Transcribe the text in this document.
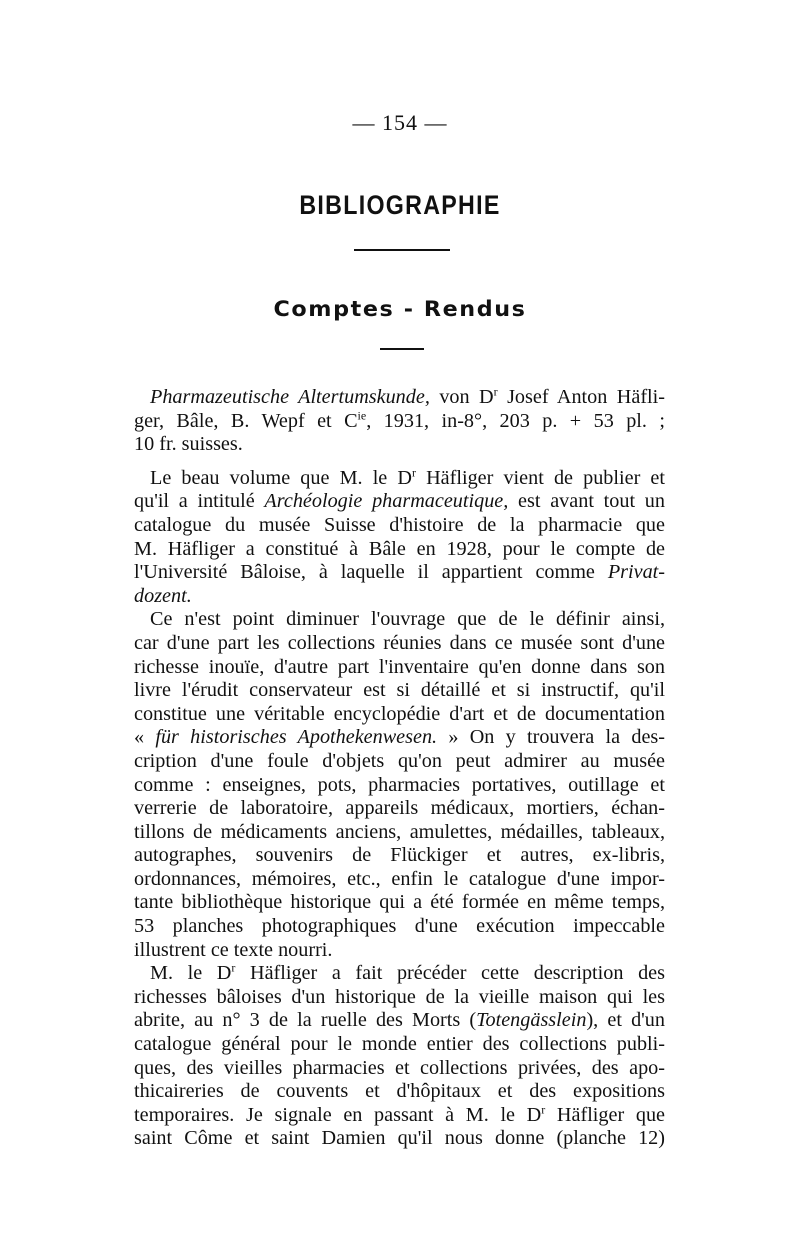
— 154 —
BIBLIOGRAPHIE
Comptes - Rendus
Pharmazeutische Altertumskunde, von $D^r$ Josef Anton Häfli-
ger, Bâle, B. Wepf et $C^{ie}$, 1931, in-8°, 203 p. + 53 pl. ;
10 fr. suisses.
Le beau volume que M. le $D^r$ Häfliger vient de publier et
qu'il a intitulé Archéologie pharmaceutique, est avant tout un
catalogue du musée Suisse d'histoire de la pharmacie que
M. Häfliger a constitué à Bâle en 1928, pour le compte de
l'Université Bâloise, à laquelle il appartient comme Privat-
dozent.
Ce n'est point diminuer l'ouvrage que de le définir ainsi,
car d'une part les collections réunies dans ce musée sont d'une
richesse inouïe, d'autre part l'inventaire qu'en donne dans son
livre l'érudit conservateur est si détaillé et si instructif, qu'il
constitue une véritable encyclopédie d'art et de documentation
« für historisches Apothekenwesen. » On y trouvera la des-
cription d'une foule d'objets qu'on peut admirer au musée
comme : enseignes, pots, pharmacies portatives, outillage et
verrerie de laboratoire, appareils médicaux, mortiers, échan-
tillons de médicaments anciens, amulettes, médailles, tableaux,
autographes, souvenirs de Flückiger et autres, ex-libris,
ordonnances, mémoires, etc., enfin le catalogue d'une impor-
tante bibliothèque historique qui a été formée en même temps,
53 planches photographiques d'une exécution impeccable
illustrent ce texte nourri.
M. le $D^r$ Häfliger a fait précéder cette description des
richesses bâloises d'un historique de la vieille maison qui les
abrite, au n° 3 de la ruelle des Morts (Totengässlein), et d'un
catalogue général pour le monde entier des collections publi-
ques, des vieilles pharmacies et collections privées, des apo-
thicaireries de couvents et d'hôpitaux et des expositions
temporaires. Je signale en passant à M. le $D^r$ Häfliger que
saint Côme et saint Damien qu'il nous donne (planche 12)
